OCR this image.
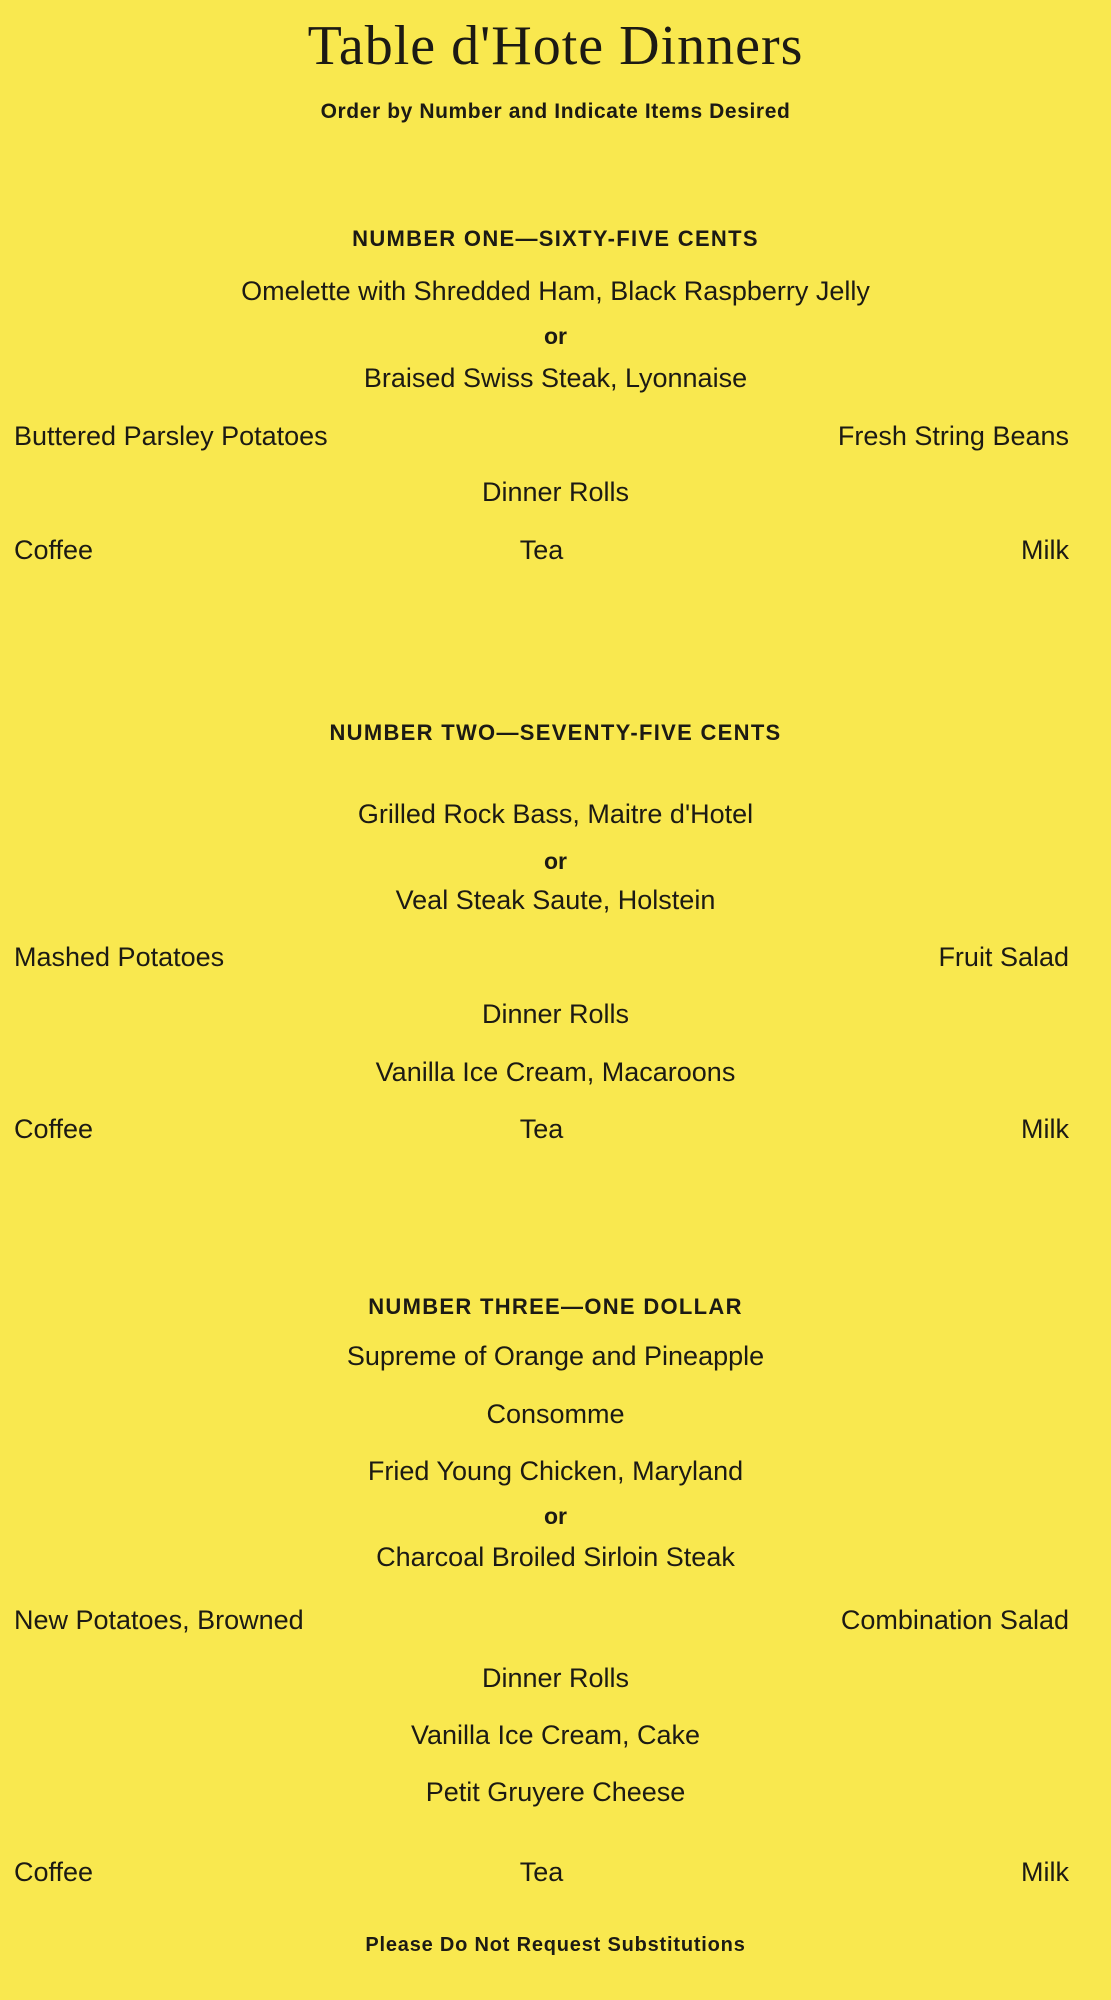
Table d'Hote Dinners
Order by Number and Indicate Items Desired
NUMBER ONE—SIXTY-FIVE CENTS
Omelette with Shredded Ham, Black Raspberry Jelly
or
Braised Swiss Steak, Lyonnaise
Buttered Parsley Potatoes	Fresh String Beans
Dinner Rolls
Coffee	Tea	Milk
NUMBER TWO—SEVENTY-FIVE CENTS
Grilled Rock Bass, Maitre d'Hotel
or
Veal Steak Saute, Holstein
Mashed Potatoes	Fruit Salad
Dinner Rolls
Vanilla Ice Cream, Macaroons
Coffee	Tea	Milk
NUMBER THREE—ONE DOLLAR
Supreme of Orange and Pineapple
Consomme
Fried Young Chicken, Maryland
or
Charcoal Broiled Sirloin Steak
New Potatoes, Browned	Combination Salad
Dinner Rolls
Vanilla Ice Cream, Cake
Petit Gruyere Cheese
Coffee	Tea	Milk
Please Do Not Request Substitutions
